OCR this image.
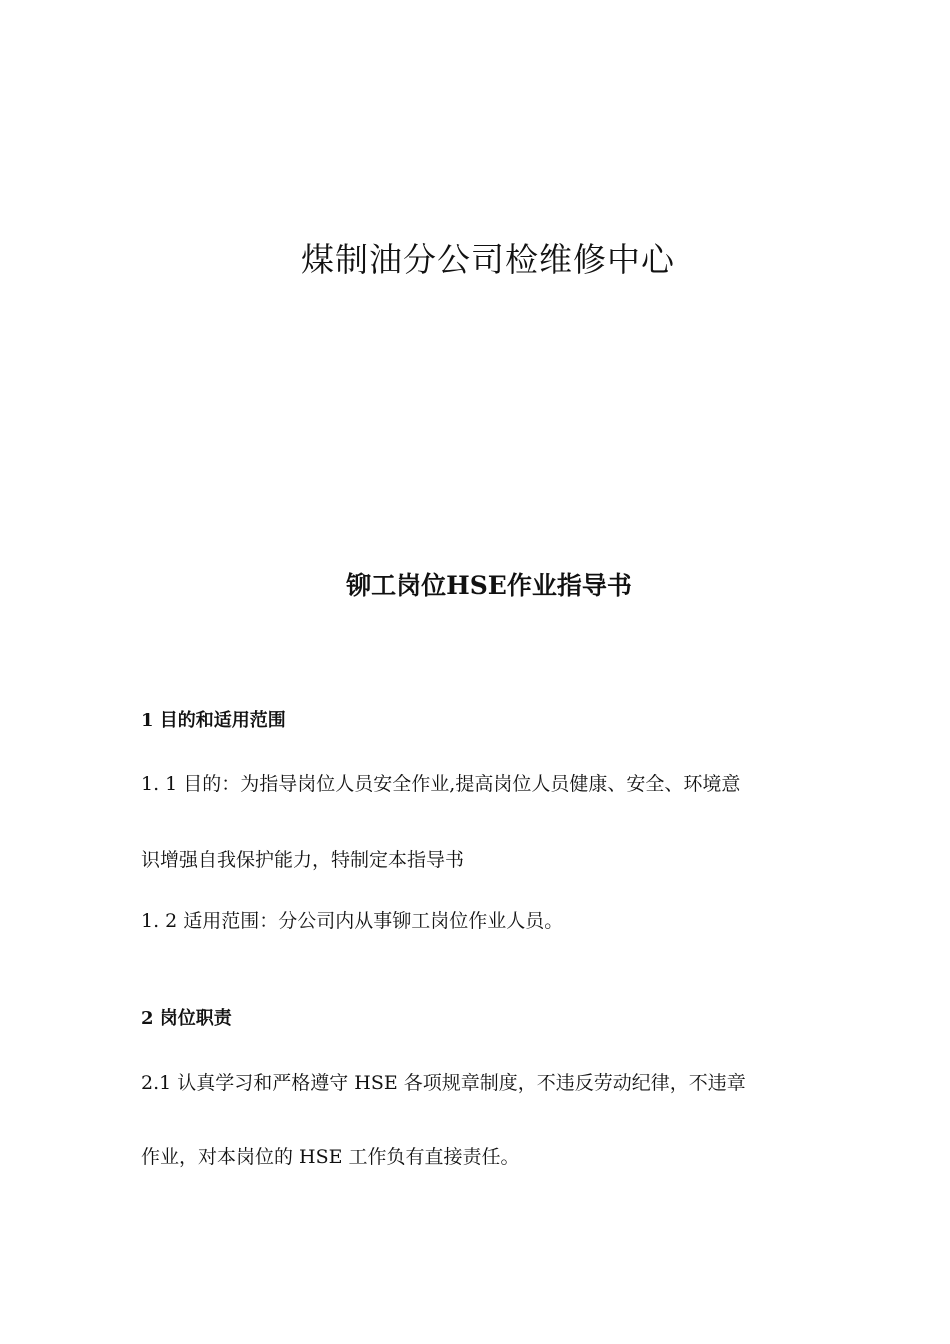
煤制油分公司检维修中心
铆工岗位HSE作业指导书
1 目的和适用范围
1. 1 目的：为指导岗位人员安全作业,提高岗位人员健康、安全、环境意
识增强自我保护能力，特制定本指导书
1. 2 适用范围：分公司内从事铆工岗位作业人员。
2 岗位职责
2.1 认真学习和严格遵守 HSE 各项规章制度，不违反劳动纪律，不违章
作业，对本岗位的 HSE 工作负有直接责任。
